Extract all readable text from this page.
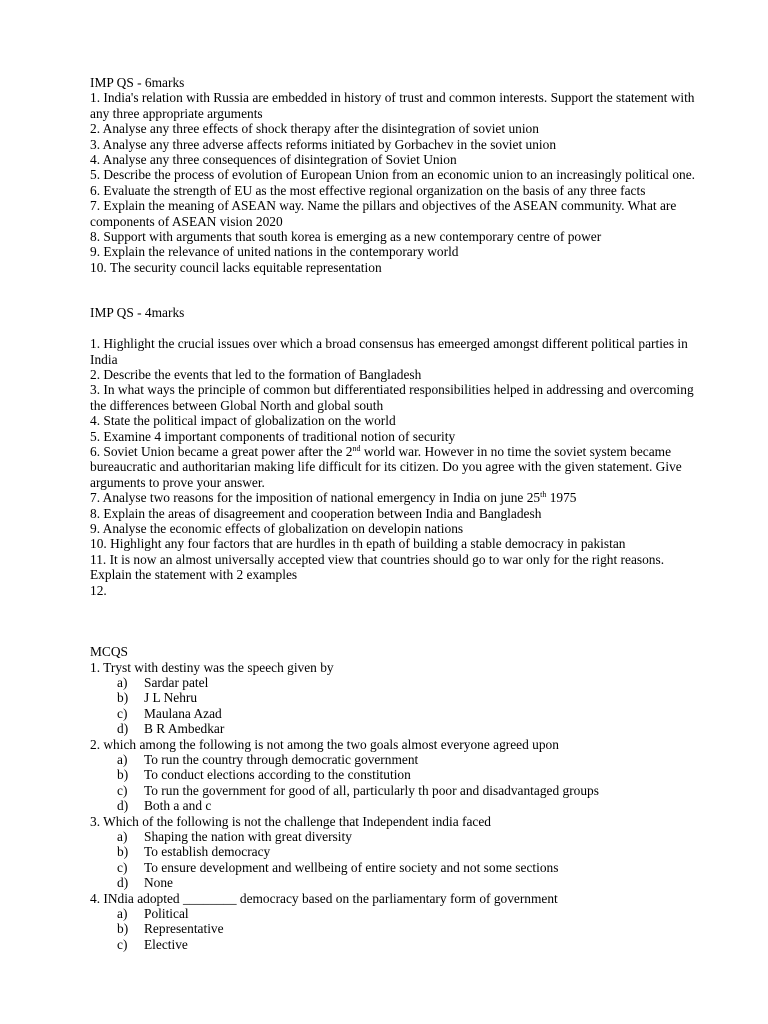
IMP QS - 6marks

1. India's relation with Russia are embedded in history of trust and common interests. Support the statement with any three appropriate arguments

2. Analyse any three effects of shock therapy after the disintegration of soviet union

3. Analyse any three adverse affects reforms initiated by Gorbachev in the soviet union

4. Analyse any three consequences of disintegration of Soviet Union

5. Describe the process of evolution of European Union from an economic union to an increasingly political one.

6. Evaluate the strength of EU as the most effective regional organization on the basis of any three facts

7. Explain the meaning of ASEAN way. Name the pillars and objectives of the ASEAN community. What are components of ASEAN vision 2020

8. Support with arguments that south korea is emerging as a new contemporary centre of power

9. Explain the relevance of united nations in the contemporary world

10. The security council lacks equitable representation

IMP QS - 4marks

1. Highlight the crucial issues over which a broad consensus has emeerged amongst different political parties in India

2. Describe the events that led to the formation of Bangladesh

3. In what ways the principle of common but differentiated responsibilities helped in addressing and overcoming the differences between Global North and global south

4. State the political impact of globalization on the world

5. Examine 4 important components of traditional notion of security

6. Soviet Union became a great power after the 2nd world war. However in no time the soviet system became bureaucratic and authoritarian making life difficult for its citizen. Do you agree with the given statement. Give arguments to prove your answer.

7. Analyse two reasons for the imposition of national emergency in India on june 25th 1975

8. Explain the areas of disagreement and cooperation between India and Bangladesh

9. Analyse the economic effects of globalization on developin nations

10. Highlight any four factors that are hurdles in th epath of building a stable democracy in pakistan

11. It is now an almost universally accepted view that countries should go to war only for the right reasons. Explain the statement with 2 examples

12.

MCQS

1. Tryst with destiny was the speech given by

a)	Sardar patel
b)	J L Nehru
c)	Maulana Azad
d)	B R Ambedkar

2. which among the following is not among the two goals almost everyone agreed upon

a)	To run the country through democratic government
b)	To conduct elections according to the constitution
c)	To run the government for good of all, particularly th poor and disadvantaged groups
d)	Both a and c

3. Which of the following is not the challenge that Independent india faced

a)	Shaping the nation with great diversity
b)	To establish democracy
c)	To ensure development and wellbeing of entire society and not some sections
d)	None

4. INdia adopted ________ democracy based on the parliamentary form of government

a)	Political
b)	Representative
c)	Elective
